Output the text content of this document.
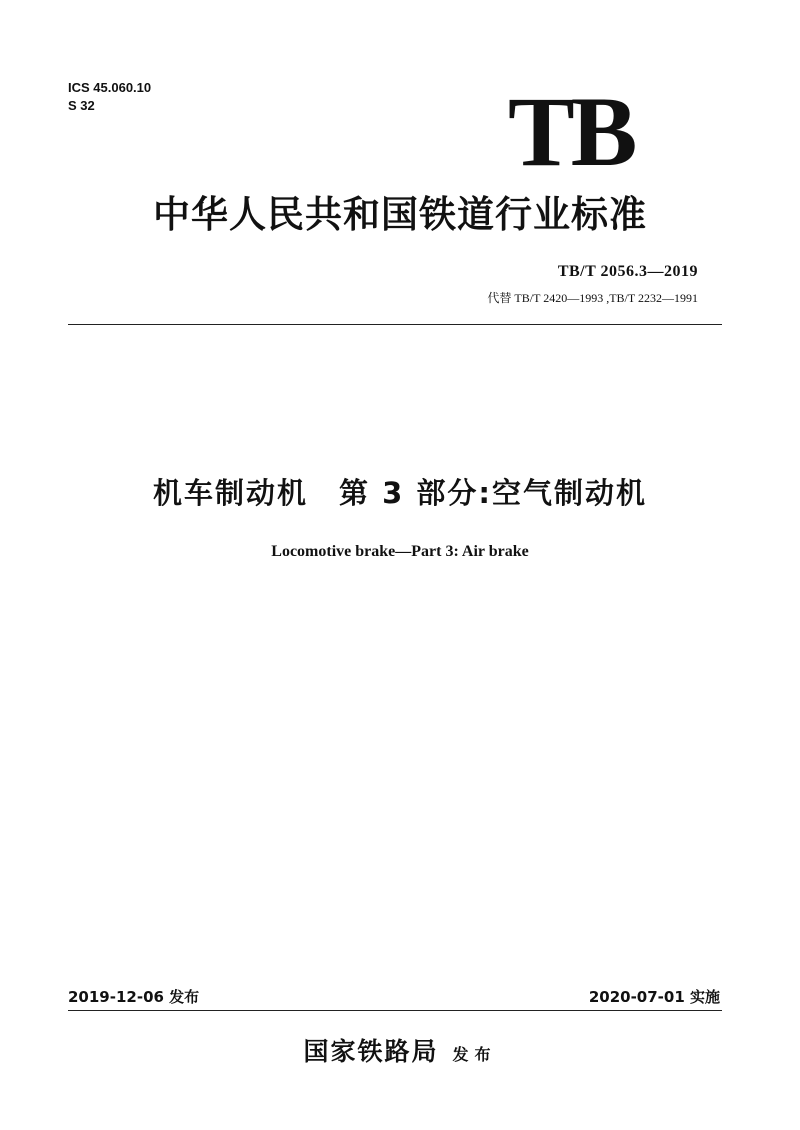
ICS 45.060.10
S 32	TB
中华人民共和国铁道行业标准
TB/T 2056.3—2019
代替 TB/T 2420—1993 ,TB/T 2232—1991
机车制动机　第 3 部分:空气制动机
Locomotive brake—Part 3: Air brake
2019-12-06 发布	2020-07-01 实施
国家铁路局 发布
